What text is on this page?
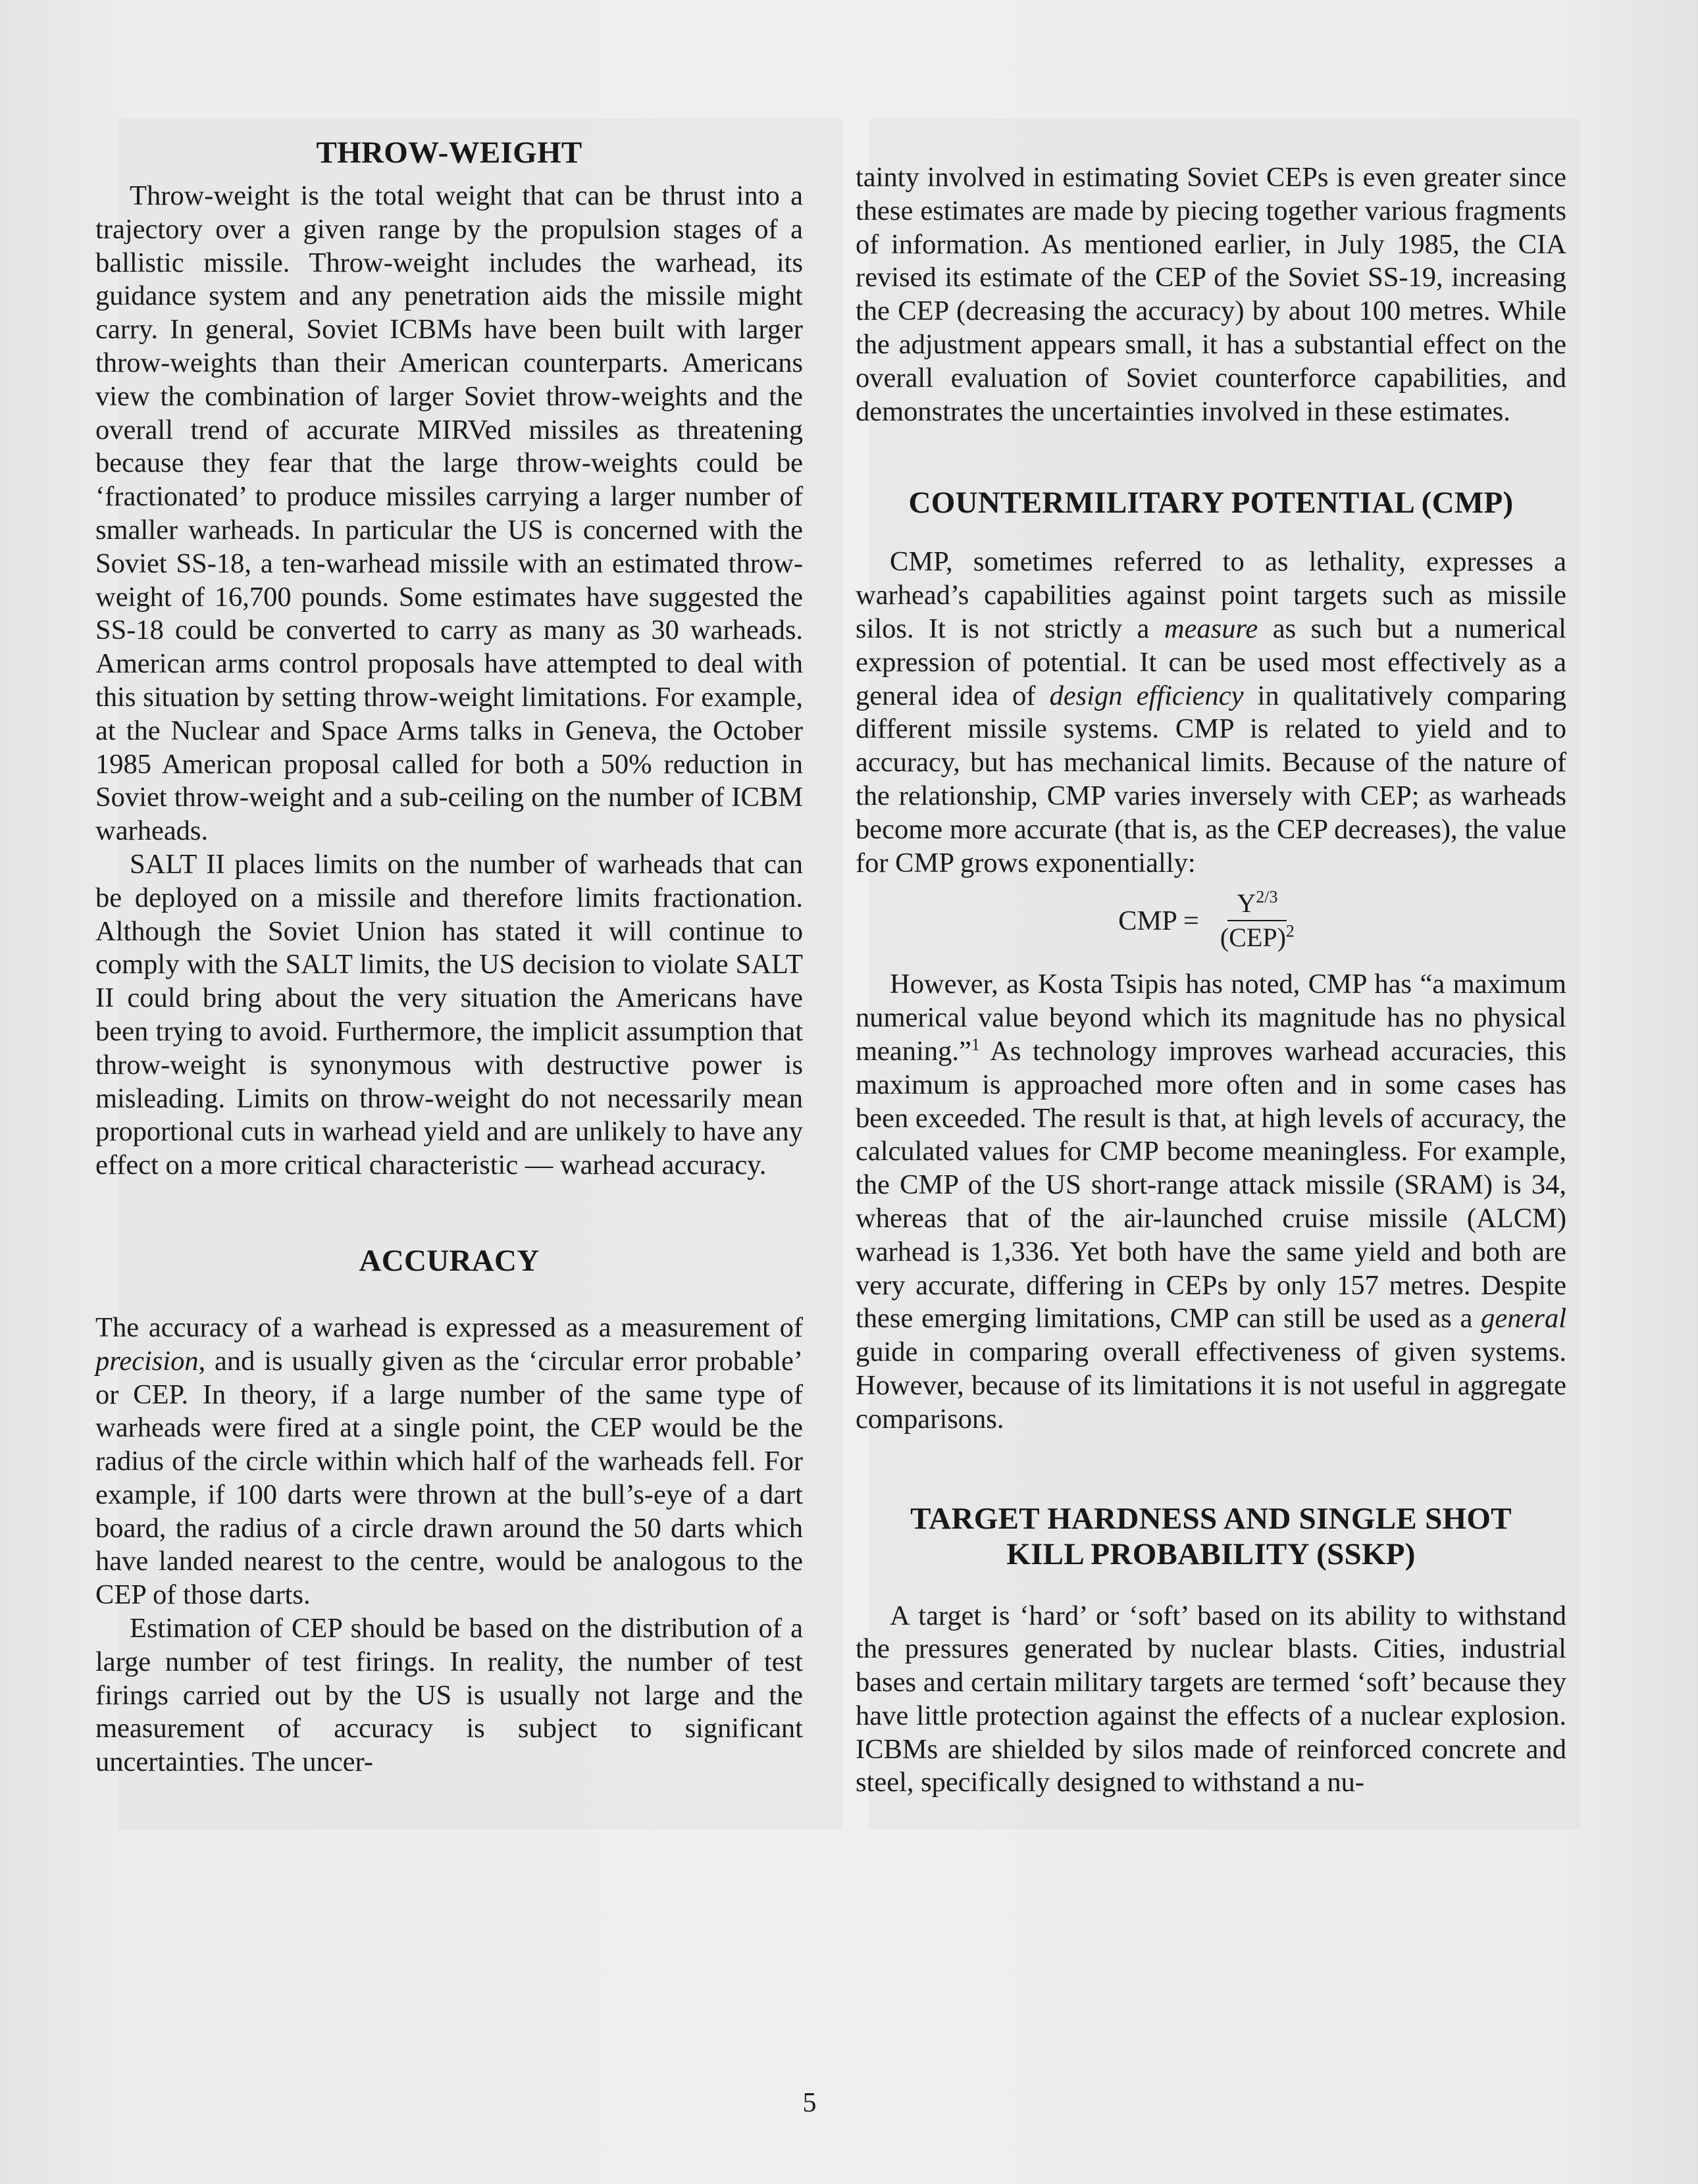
THROW-WEIGHT

Throw-weight is the total weight that can be thrust into a trajectory over a given range by the propulsion stages of a ballistic missile. Throw-weight includes the warhead, its guidance system and any penetration aids the missile might carry. In general, Soviet ICBMs have been built with larger throw-weights than their American counterparts. Americans view the combination of larger Soviet throw-weights and the overall trend of accurate MIRVed missiles as threatening because they fear that the large throw-weights could be ‘fractionated’ to produce missiles carrying a larger number of smaller warheads. In particular the US is concerned with the Soviet SS-18, a ten-warhead missile with an estimated throw-weight of 16,700 pounds. Some estimates have suggested the SS-18 could be converted to carry as many as 30 warheads. American arms control proposals have attempted to deal with this situation by setting throw-weight limitations. For example, at the Nuclear and Space Arms talks in Geneva, the October 1985 American proposal called for both a 50% reduction in Soviet throw-weight and a sub-ceiling on the number of ICBM warheads.

SALT II places limits on the number of warheads that can be deployed on a missile and therefore limits fractionation. Although the Soviet Union has stated it will continue to comply with the SALT limits, the US decision to violate SALT II could bring about the very situation the Americans have been trying to avoid. Furthermore, the implicit assumption that throw-weight is synonymous with destructive power is misleading. Limits on throw-weight do not necessarily mean proportional cuts in warhead yield and are unlikely to have any effect on a more critical characteristic — warhead accuracy.

ACCURACY

The accuracy of a warhead is expressed as a measurement of precision, and is usually given as the ‘circular error probable’ or CEP. In theory, if a large number of the same type of warheads were fired at a single point, the CEP would be the radius of the circle within which half of the warheads fell. For example, if 100 darts were thrown at the bull’s-eye of a dart board, the radius of a circle drawn around the 50 darts which have landed nearest to the centre, would be analogous to the CEP of those darts.

Estimation of CEP should be based on the distribution of a large number of test firings. In reality, the number of test firings carried out by the US is usually not large and the measurement of accuracy is subject to significant uncertainties. The uncer-

tainty involved in estimating Soviet CEPs is even greater since these estimates are made by piecing together various fragments of information. As mentioned earlier, in July 1985, the CIA revised its estimate of the CEP of the Soviet SS-19, increasing the CEP (decreasing the accuracy) by about 100 metres. While the adjustment appears small, it has a substantial effect on the overall evaluation of Soviet counterforce capabilities, and demonstrates the uncertainties involved in these estimates.

COUNTERMILITARY POTENTIAL (CMP)

CMP, sometimes referred to as lethality, expresses a warhead’s capabilities against point targets such as missile silos. It is not strictly a measure as such but a numerical expression of potential. It can be used most effectively as a general idea of design efficiency in qualitatively comparing different missile systems. CMP is related to yield and to accuracy, but has mechanical limits. Because of the nature of the relationship, CMP varies inversely with CEP; as warheads become more accurate (that is, as the CEP decreases), the value for CMP grows exponentially:

CMP = $\frac{Y^{2/3}}{(CEP)^2}$

However, as Kosta Tsipis has noted, CMP has “a maximum numerical value beyond which its magnitude has no physical meaning.”$^1$ As technology improves warhead accuracies, this maximum is approached more often and in some cases has been exceeded. The result is that, at high levels of accuracy, the calculated values for CMP become meaningless. For example, the CMP of the US short-range attack missile (SRAM) is 34, whereas that of the air-launched cruise missile (ALCM) warhead is 1,336. Yet both have the same yield and both are very accurate, differing in CEPs by only 157 metres. Despite these emerging limitations, CMP can still be used as a general guide in comparing overall effectiveness of given systems. However, because of its limitations it is not useful in aggregate comparisons.

TARGET HARDNESS AND SINGLE SHOT
KILL PROBABILITY (SSKP)

A target is ‘hard’ or ‘soft’ based on its ability to withstand the pressures generated by nuclear blasts. Cities, industrial bases and certain military targets are termed ‘soft’ because they have little protection against the effects of a nuclear explosion. ICBMs are shielded by silos made of reinforced concrete and steel, specifically designed to withstand a nu-

5
